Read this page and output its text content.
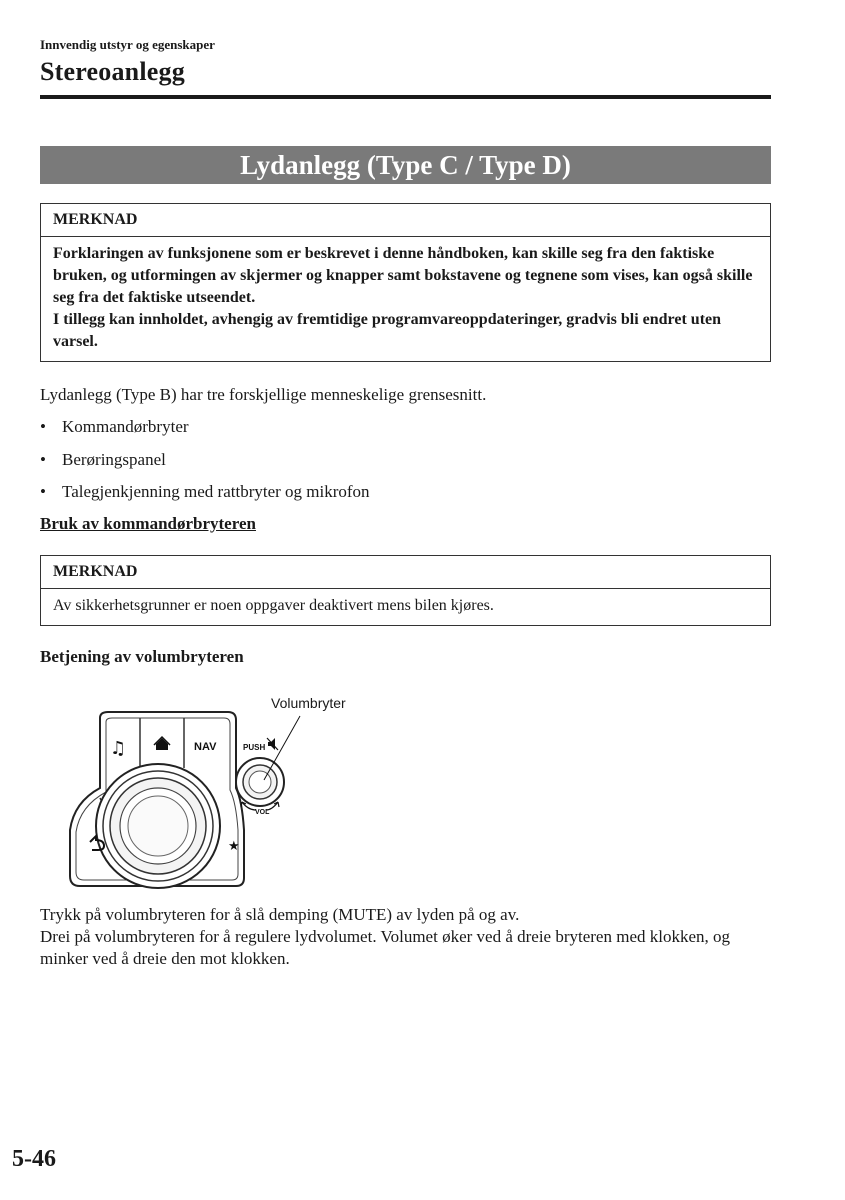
Innvendig utstyr og egenskaper
Stereoanlegg
Lydanlegg (Type C / Type D)
MERKNAD

Forklaringen av funksjonene som er beskrevet i denne håndboken, kan skille seg fra den faktiske bruken, og utformingen av skjermer og knapper samt bokstavene og tegnene som vises, kan også skille seg fra det faktiske utseendet.

I tillegg kan innholdet, avhengig av fremtidige programvareoppdateringer, gradvis bli endret uten varsel.

Lydanlegg (Type B) har tre forskjellige menneskelige grensesnitt.
• Kommandørbryter
• Berøringspanel
• Talegjenkjenning med rattbryter og mikrofon
Bruk av kommandørbryteren
MERKNAD

Av sikkerhetsgrunner er noen oppgaver deaktivert mens bilen kjøres.

Betjening av volumbryteren
♫	NAV
★
PUSH
VOL
Volumbryter
Trykk på volumbryteren for å slå demping (MUTE) av lyden på og av.
Drei på volumbryteren for å regulere lydvolumet. Volumet øker ved å dreie bryteren med klokken, og minker ved å dreie den mot klokken.
5-46
